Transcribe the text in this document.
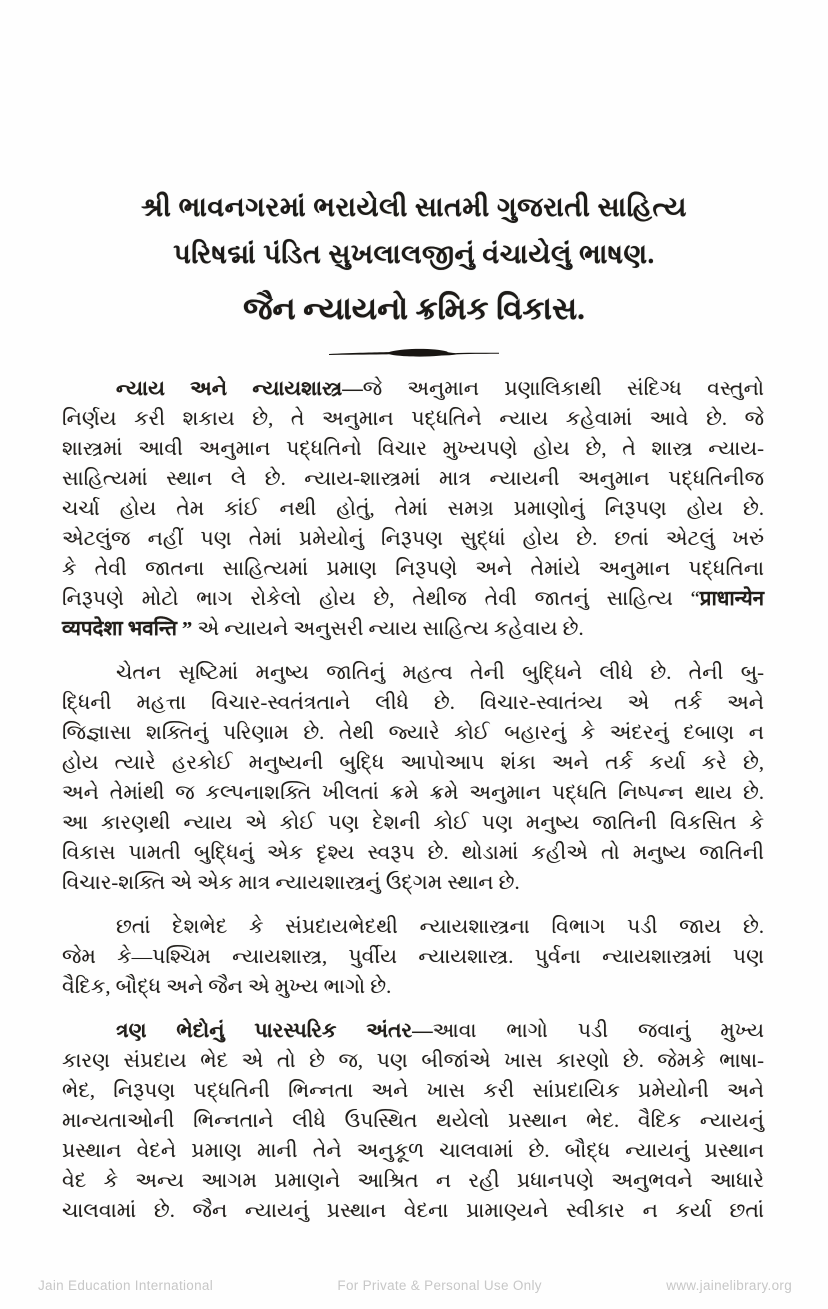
શ્રી ભાવનગરમાં ભરાયેલી સાતમી ગુજરાતી સાહિત્ય
પરિષદ્માં પંડિત સુખલાલજીનું વંચાયેલું ભાષણ.
જૈન ન્યાયનો ક્રમિક વિકાસ.
ન્યાય અને ન્યાયશાસ્ત્ર—જે અનુમાન પ્રણાલિકાથી સંદિગ્ધ વસ્તુનો
નિર્ણય કરી શકાય છે, તે અનુમાન પદ્ધતિને ન્યાય કહેવામાં આવે છે. જે
શાસ્ત્રમાં આવી અનુમાન પદ્ધતિનો વિચાર મુખ્યપણે હોય છે, તે શાસ્ત્ર ન્યાય-
સાહિત્યમાં સ્થાન લે છે. ન્યાય-શાસ્ત્રમાં માત્ર ન્યાયની અનુમાન પદ્ધતિનીજ
ચર્ચા હોય તેમ કાંઈ નથી હોતું, તેમાં સમગ્ર પ્રમાણોનું નિરૂપણ હોય છે.
એટલુંજ નહીં પણ તેમાં પ્રમેયોનું નિરૂપણ સુદ્ધાં હોય છે. છતાં એટલું ખરું
કે તેવી જાતના સાહિત્યમાં પ્રમાણ નિરૂપણે અને તેમાંયે અનુમાન પદ્ધતિના
નિરૂપણે મોટો ભાગ રોકેલો હોય છે, તેથીજ તેવી જાતનું સાહિત્ય “प्राधान्येन
व्यपदेशा भवन्ति ” એ ન્યાયને અનુસરી ન્યાય સાહિત્ય કહેવાય છે.
ચેતન સૃષ્ટિમાં મનુષ્ય જાતિનું મહત્વ તેની બુદ્ધિને લીધે છે. તેની બુ-
દ્ધિની મહત્તા વિચાર-સ્વતંત્રતાને લીધે છે. વિચાર-સ્વાતંત્ર્ય એ તર્ક અને
જિજ્ઞાસા શક્તિનું પરિણામ છે. તેથી જ્યારે કોઈ બહારનું કે અંદરનું દબાણ ન
હોય ત્યારે હરકોઈ મનુષ્યની બુદ્ધિ આપોઆપ શંકા અને તર્ક કર્યા કરે છે,
અને તેમાંથી જ કલ્પનાશક્તિ ખીલતાં ક્રમે ક્રમે અનુમાન પદ્ધતિ નિષ્પન્ન થાય છે.
આ કારણથી ન્યાય એ કોઈ પણ દેશની કોઈ પણ મનુષ્ય જાતિની વિકસિત કે
વિકાસ પામતી બુદ્ધિનું એક દૃશ્ય સ્વરૂપ છે. થોડામાં કહીએ તો મનુષ્ય જાતિની
વિચાર-શક્તિ એ એક માત્ર ન્યાયશાસ્ત્રનું ઉદ્ગમ સ્થાન છે.
છતાં દેશભેદ કે સંપ્રદાયભેદથી ન્યાયશાસ્ત્રના વિભાગ પડી જાય છે.
જેમ કે—પશ્ચિમ ન્યાયશાસ્ત્ર, પુર્વીય ન્યાયશાસ્ત્ર. પુર્વના ન્યાયશાસ્ત્રમાં પણ
વૈદિક, બૌદ્ધ અને જૈન એ મુખ્ય ભાગો છે.
ત્રણ ભેદોનું પારસ્પરિક અંતર—આવા ભાગો પડી જવાનું મુખ્ય
કારણ સંપ્રદાય ભેદ એ તો છે જ, પણ બીજાંએ ખાસ કારણો છે. જેમકે ભાષા-
ભેદ, નિરૂપણ પદ્ધતિની ભિન્નતા અને ખાસ કરી સાંપ્રદાયિક પ્રમેયોની અને
માન્યતાઓની ભિન્નતાને લીધે ઉપસ્થિત થયેલો પ્રસ્થાન ભેદ. વૈદિક ન્યાયનું
પ્રસ્થાન વેદને પ્રમાણ માની તેને અનુકૂળ ચાલવામાં છે. બૌદ્ધ ન્યાયનું પ્રસ્થાન
વેદ કે અન્ય આગમ પ્રમાણને આશ્રિત ન રહી પ્રધાનપણે અનુભવને આધારે
ચાલવામાં છે. જૈન ન્યાયનું પ્રસ્થાન વેદના પ્રામાણ્યને સ્વીકાર ન કર્યા છતાં
Jain Education International	For Private & Personal Use Only	www.jainelibrary.org
